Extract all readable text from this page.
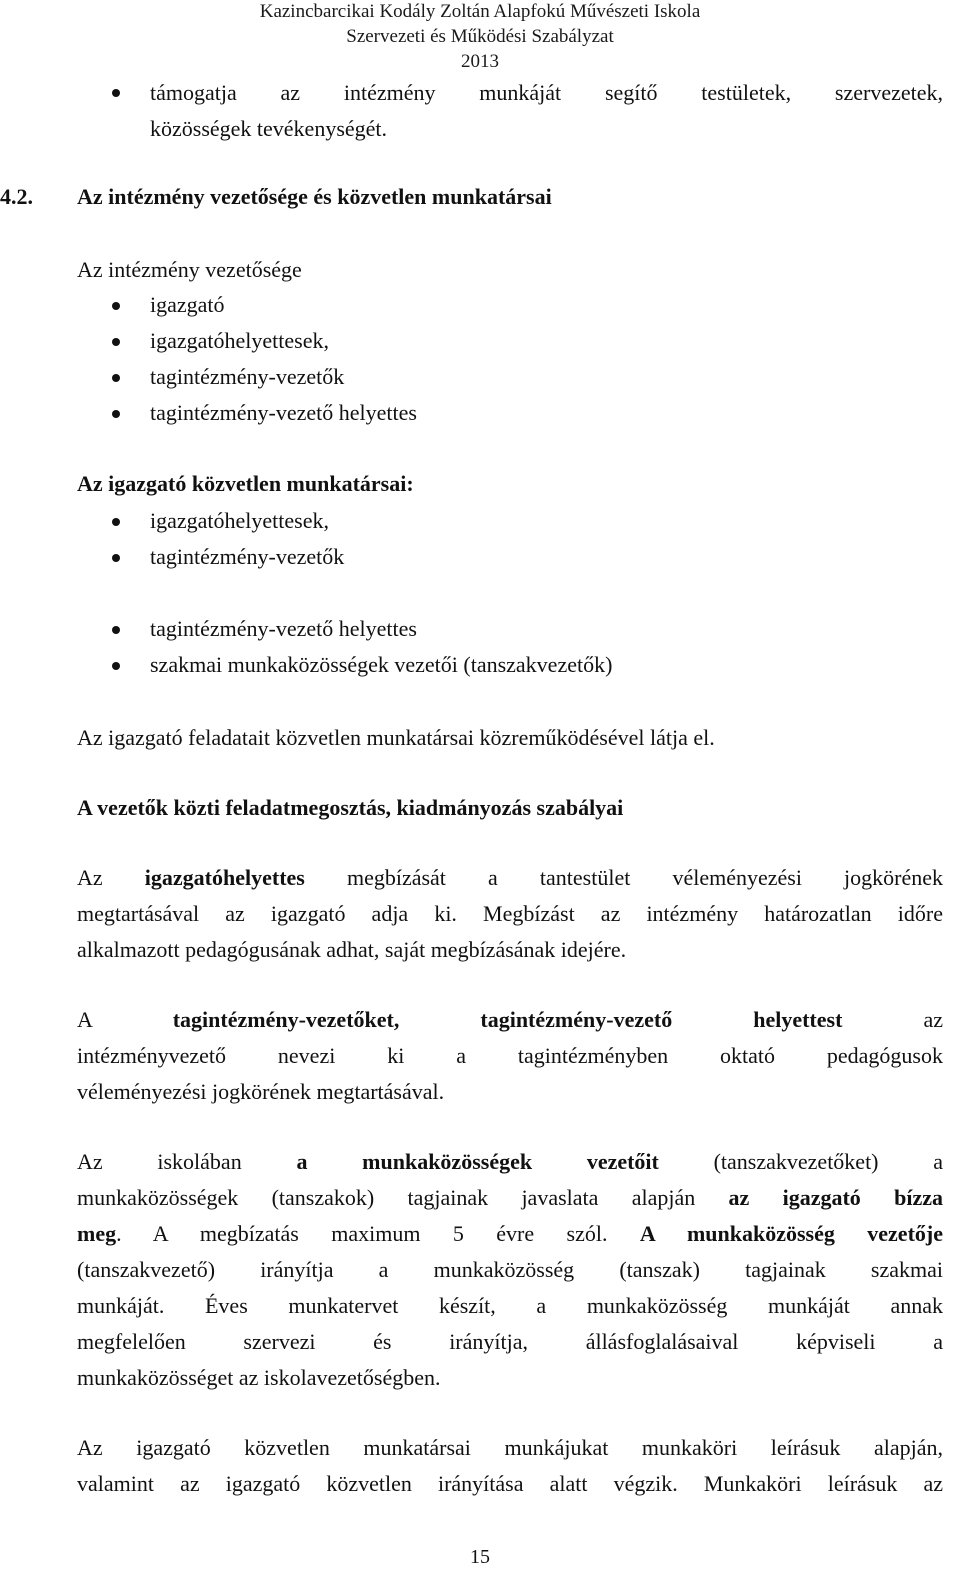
Kazincbarcikai Kodály Zoltán Alapfokú Művészeti Iskola
Szervezeti és Működési Szabályzat
2013
támogatja az intézmény munkáját segítő testületek, szervezetek,
közösségek tevékenységét.
4.2. Az intézmény vezetősége és közvetlen munkatársai
Az intézmény vezetősége
igazgató
igazgatóhelyettesek,
tagintézmény-vezetők
tagintézmény-vezető helyettes
Az igazgató közvetlen munkatársai:
igazgatóhelyettesek,
tagintézmény-vezetők
tagintézmény-vezető helyettes
szakmai munkaközösségek vezetői (tanszakvezetők)
Az igazgató feladatait közvetlen munkatársai közreműködésével látja el.
A vezetők közti feladatmegosztás, kiadmányozás szabályai
Az igazgatóhelyettes megbízását a tantestület véleményezési jogkörének
megtartásával az igazgató adja ki. Megbízást az intézmény határozatlan időre
alkalmazott pedagógusának adhat, saját megbízásának idejére.
A tagintézmény-vezetőket, tagintézmény-vezető helyettest az
intézményvezető nevezi ki a tagintézményben oktató pedagógusok
véleményezési jogkörének megtartásával.
Az iskolában a munkaközösségek vezetőit (tanszakvezetőket) a
munkaközösségek (tanszakok) tagjainak javaslata alapján az igazgató bízza
meg. A megbízatás maximum 5 évre szól. A munkaközösség vezetője
(tanszakvezető) irányítja a munkaközösség (tanszak) tagjainak szakmai
munkáját. Éves munkatervet készít, a munkaközösség munkáját annak
megfelelően szervezi és irányítja, állásfoglalásaival képviseli a
munkaközösséget az iskolavezetőségben.
Az igazgató közvetlen munkatársai munkájukat munkaköri leírásuk alapján,
valamint az igazgató közvetlen irányítása alatt végzik. Munkaköri leírásuk az
15
